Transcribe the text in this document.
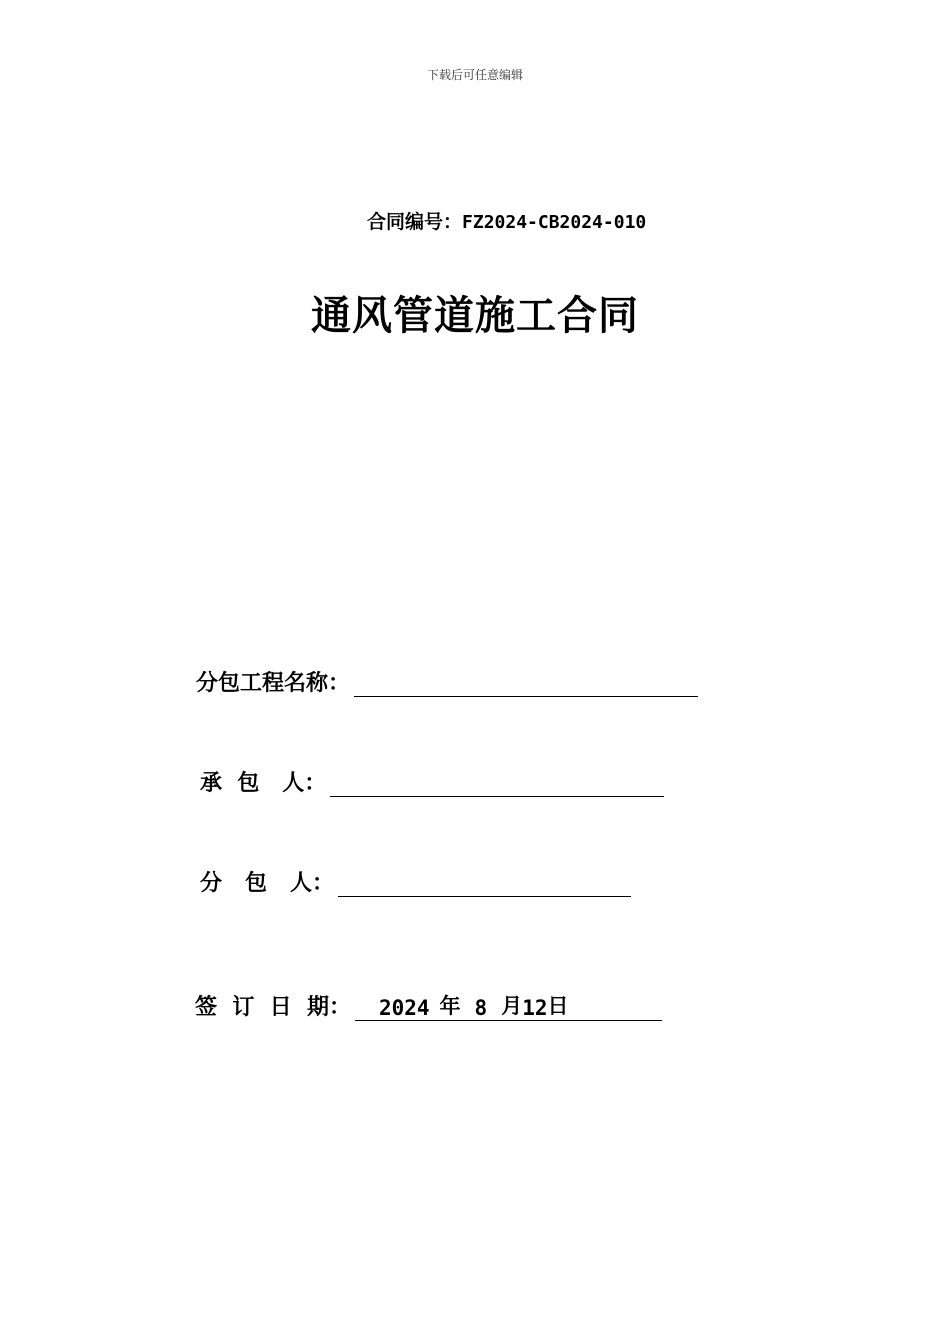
下载后可任意编辑
合同编号：FZ2024-CB2024-010
通风管道施工合同
分包工程名称：
承  包   人：
分   包   人：
签  订  日  期： 2024 年 8 月 12 日
